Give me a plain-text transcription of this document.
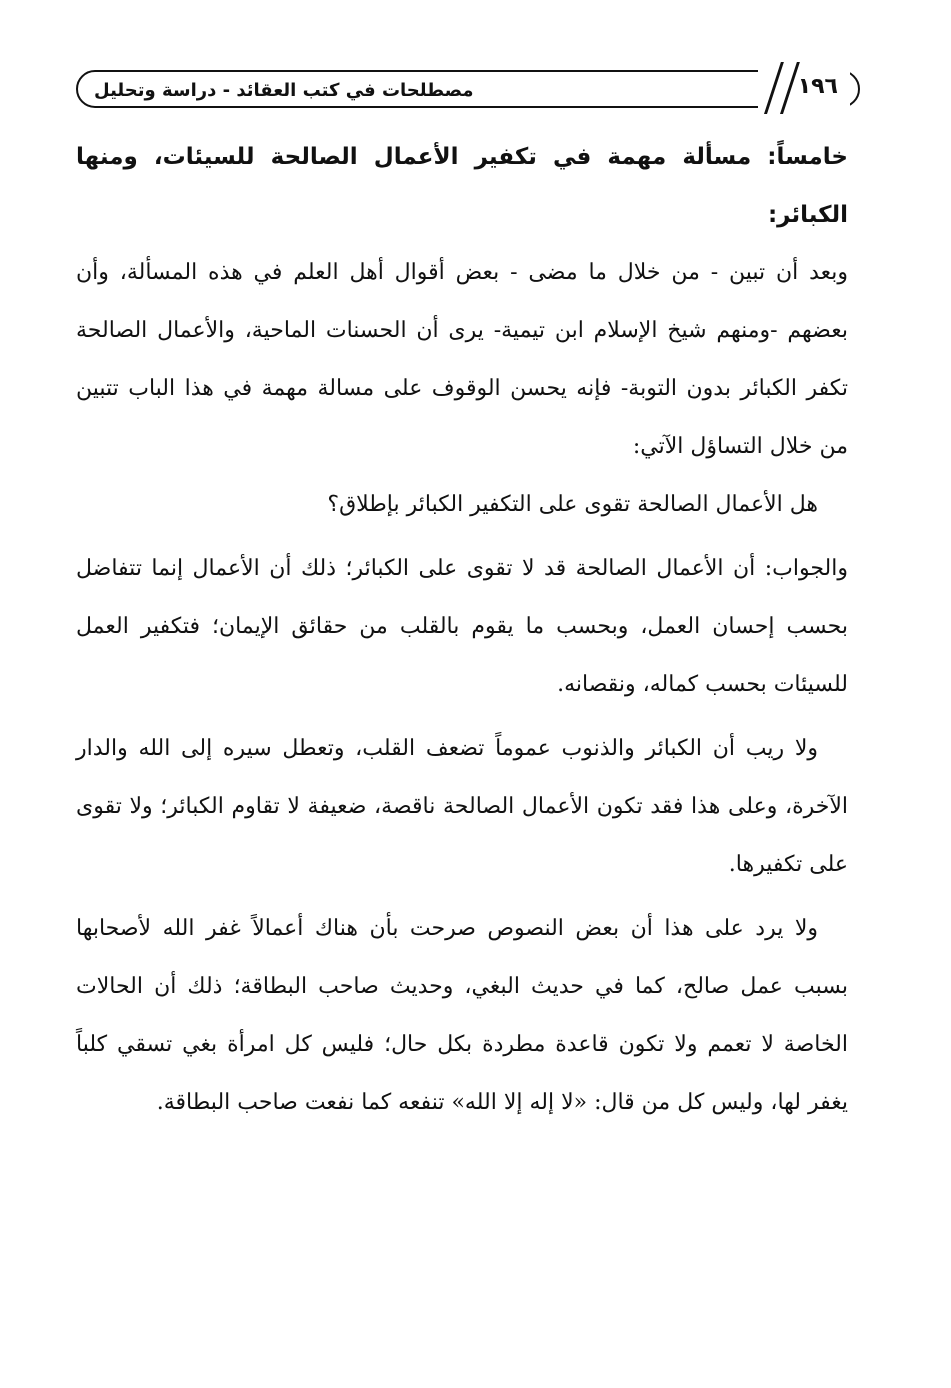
مصطلحات في كتب العقائد - دراسة وتحليل	١٩٦

خامساً: مسألة مهمة في تكفير الأعمال الصالحة للسيئات، ومنها الكبائر:

وبعد أن تبين - من خلال ما مضى - بعض أقوال أهل العلم في هذه المسألة، وأن بعضهم -ومنهم شيخ الإسلام ابن تيمية- يرى أن الحسنات الماحية، والأعمال الصالحة تكفر الكبائر بدون التوبة- فإنه يحسن الوقوف على مسالة مهمة في هذا الباب تتبين من خلال التساؤل الآتي:

هل الأعمال الصالحة تقوى على التكفير الكبائر بإطلاق؟

والجواب: أن الأعمال الصالحة قد لا تقوى على الكبائر؛ ذلك أن الأعمال إنما تتفاضل بحسب إحسان العمل، وبحسب ما يقوم بالقلب من حقائق الإيمان؛ فتكفير العمل للسيئات بحسب كماله، ونقصانه.

ولا ريب أن الكبائر والذنوب عموماً تضعف القلب، وتعطل سيره إلى الله والدار الآخرة، وعلى هذا فقد تكون الأعمال الصالحة ناقصة، ضعيفة لا تقاوم الكبائر؛ ولا تقوى على تكفيرها.

ولا يرد على هذا أن بعض النصوص صرحت بأن هناك أعمالاً غفر الله لأصحابها بسبب عمل صالح، كما في حديث البغي، وحديث صاحب البطاقة؛ ذلك أن الحالات الخاصة لا تعمم ولا تكون قاعدة مطردة بكل حال؛ فليس كل امرأة بغي تسقي كلباً يغفر لها، وليس كل من قال: «لا إله إلا الله» تنفعه كما نفعت صاحب البطاقة.
